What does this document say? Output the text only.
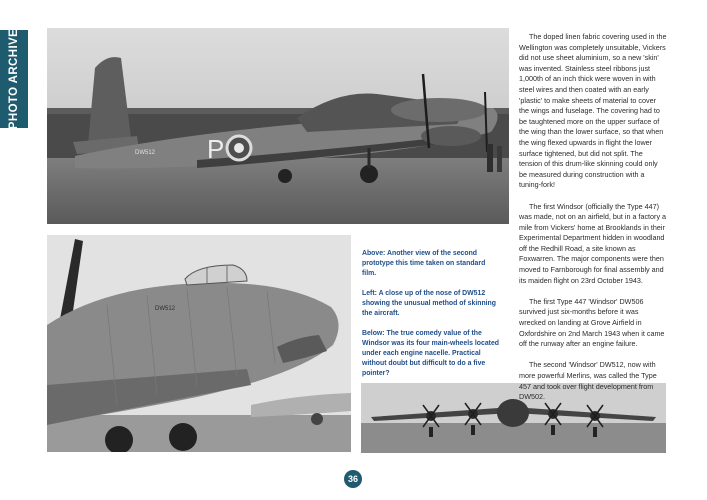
PHOTO ARCHIVE
P
DW512
DW512

Above: Another view of the second prototype this time taken on standard film.

Left: A close up of the nose of DW512 showing the unusual method of skinning the aircraft.

Below: The true comedy value of the Windsor was its four main-wheels located under each engine nacelle. Practical without doubt but difficult to do a five pointer?

The doped linen fabric covering used in the Wellington was completely unsuitable, Vickers did not use sheet aluminium, so a new 'skin' was invented. Stainless steel ribbons just 1,000th of an inch thick were woven in with steel wires and then coated with an early 'plastic' to make sheets of material to cover the wings and fuselage. The covering had to be taughtened more on the upper surface of the wing than the lower surface, so that when the wing flexed upwards in flight the lower surface tightened, but did not split. The tension of this drum-like skinning could only be measured during construction with a tuning-fork!

The first Windsor (officially the Type 447) was made, not on an airfield, but in a factory a mile from Vickers' home at Brooklands in their Experimental Department hidden in woodland off the Redhill Road, a site known as Foxwarren. The major components were then moved to Farnborough for final assembly and its maiden flight on 23rd October 1943.

The first Type 447 'Windsor' DW506 survived just six-months before it was wrecked on landing at Grove Airfield in Oxfordshire on 2nd March 1943 when it came off the runway after an engine failure.

The second 'Windsor' DW512, now with more powerful Merlins, was called the Type 457 and took over flight development from DW502.

36
